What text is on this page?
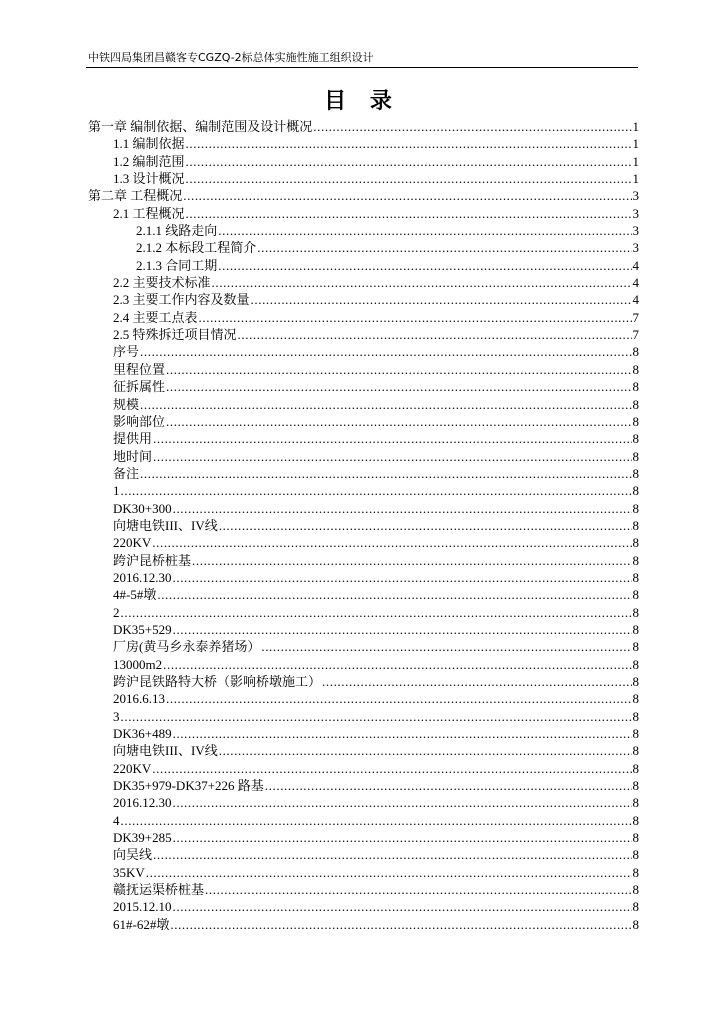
中铁四局集团昌赣客专CGZQ-2标总体实施性施工组织设计
目 录
第一章 编制依据、编制范围及设计概况 .....	1
1.1 编制依据 .....	1
1.2 编制范围 .....	1
1.3 设计概况 .....	1
第二章 工程概况 .....	3
2.1 工程概况 .....	3
2.1.1 线路走向 .....	3
2.1.2 本标段工程简介 .....	3
2.1.3 合同工期 .....	4
2.2 主要技术标准 .....	4
2.3 主要工作内容及数量 .....	4
2.4 主要工点表 .....	7
2.5 特殊拆迁项目情况 .....	7
序号 .....	8
里程位置 .....	8
征拆属性 .....	8
规模 .....	8
影响部位 .....	8
提供用 .....	8
地时间 .....	8
备注 .....	8
1 .....	8
DK30+300 .....	8
向塘电铁III、IV线 .....	8
220KV .....	8
跨沪昆桥桩基 .....	8
2016.12.30 .....	8
4#-5#墩 .....	8
2 .....	8
DK35+529 .....	8
厂房(黄马乡永泰养猪场） .....	8
13000m2 .....	8
跨沪昆铁路特大桥（影响桥墩施工） .....	8
2016.6.13 .....	8
3 .....	8
DK36+489 .....	8
向塘电铁III、IV线 .....	8
220KV .....	8
DK35+979-DK37+226 路基 .....	8
2016.12.30 .....	8
4 .....	8
DK39+285 .....	8
向吴线 .....	8
35KV .....	8
赣抚运渠桥桩基 .....	8
2015.12.10 .....	8
61#-62#墩 .....	8
